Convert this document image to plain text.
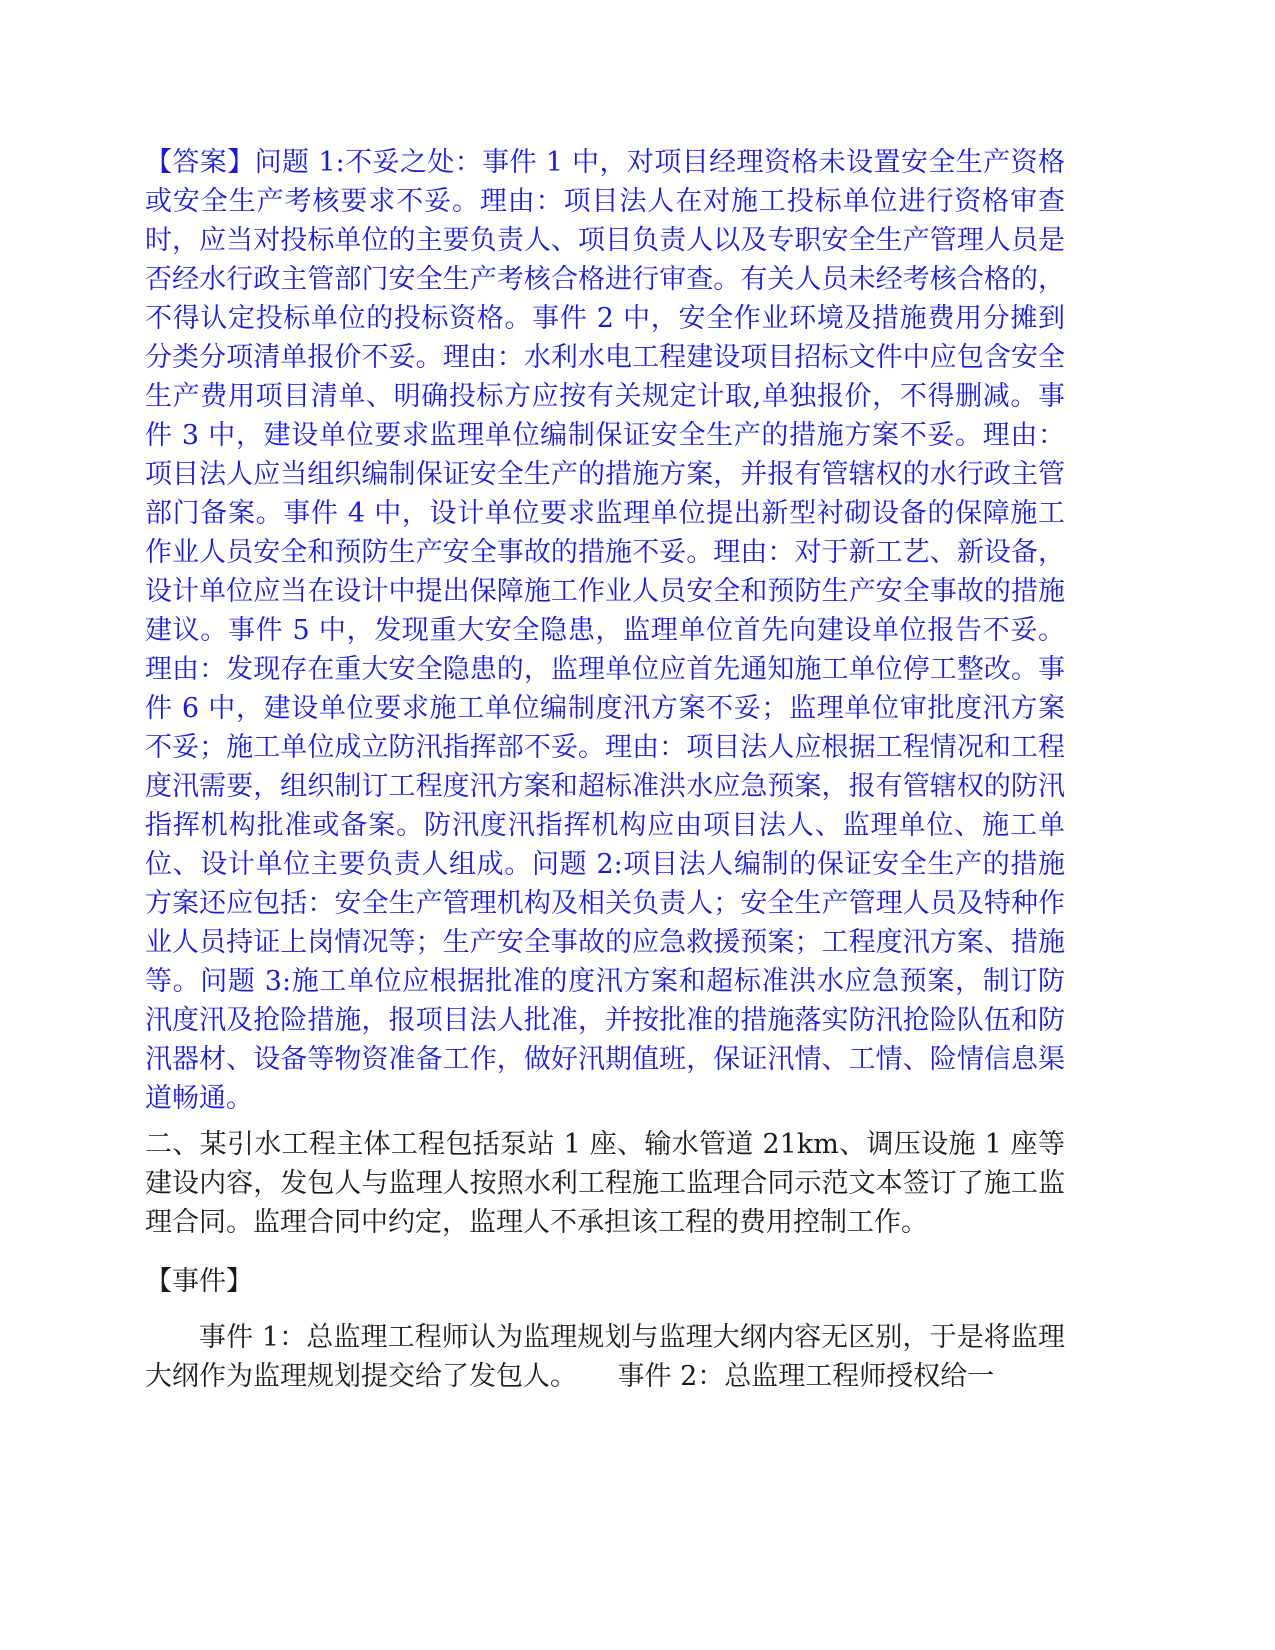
【答案】问题 1:不妥之处：事件 1 中，对项目经理资格未设置安全生产资格或安全生产考核要求不妥。理由：项目法人在对施工投标单位进行资格审查时，应当对投标单位的主要负责人、项目负责人以及专职安全生产管理人员是否经水行政主管部门安全生产考核合格进行审查。有关人员未经考核合格的，不得认定投标单位的投标资格。事件 2 中，安全作业环境及措施费用分摊到分类分项清单报价不妥。理由：水利水电工程建设项目招标文件中应包含安全生产费用项目清单、明确投标方应按有关规定计取,单独报价，不得删减。事件 3 中，建设单位要求监理单位编制保证安全生产的措施方案不妥。理由：项目法人应当组织编制保证安全生产的措施方案，并报有管辖权的水行政主管部门备案。事件 4 中，设计单位要求监理单位提出新型衬砌设备的保障施工作业人员安全和预防生产安全事故的措施不妥。理由：对于新工艺、新设备，设计单位应当在设计中提出保障施工作业人员安全和预防生产安全事故的措施建议。事件 5 中，发现重大安全隐患，监理单位首先向建设单位报告不妥。理由：发现存在重大安全隐患的，监理单位应首先通知施工单位停工整改。事件 6 中，建设单位要求施工单位编制度汛方案不妥；监理单位审批度汛方案不妥；施工单位成立防汛指挥部不妥。理由：项目法人应根据工程情况和工程度汛需要，组织制订工程度汛方案和超标准洪水应急预案，报有管辖权的防汛指挥机构批准或备案。防汛度汛指挥机构应由项目法人、监理单位、施工单位、设计单位主要负责人组成。问题 2:项目法人编制的保证安全生产的措施方案还应包括：安全生产管理机构及相关负责人；安全生产管理人员及特种作业人员持证上岗情况等；生产安全事故的应急救援预案；工程度汛方案、措施等。问题 3:施工单位应根据批准的度汛方案和超标准洪水应急预案，制订防汛度汛及抢险措施，报项目法人批准，并按批准的措施落实防汛抢险队伍和防汛器材、设备等物资准备工作，做好汛期值班，保证汛情、工情、险情信息渠道畅通。

二、某引水工程主体工程包括泵站 1 座、输水管道 21km、调压设施 1 座等建设内容，发包人与监理人按照水利工程施工监理合同示范文本签订了施工监理合同。监理合同中约定，监理人不承担该工程的费用控制工作。

【事件】

事件 1：总监理工程师认为监理规划与监理大纲内容无区别，于是将监理大纲作为监理规划提交给了发包人。　　事件 2：总监理工程师授权给一
